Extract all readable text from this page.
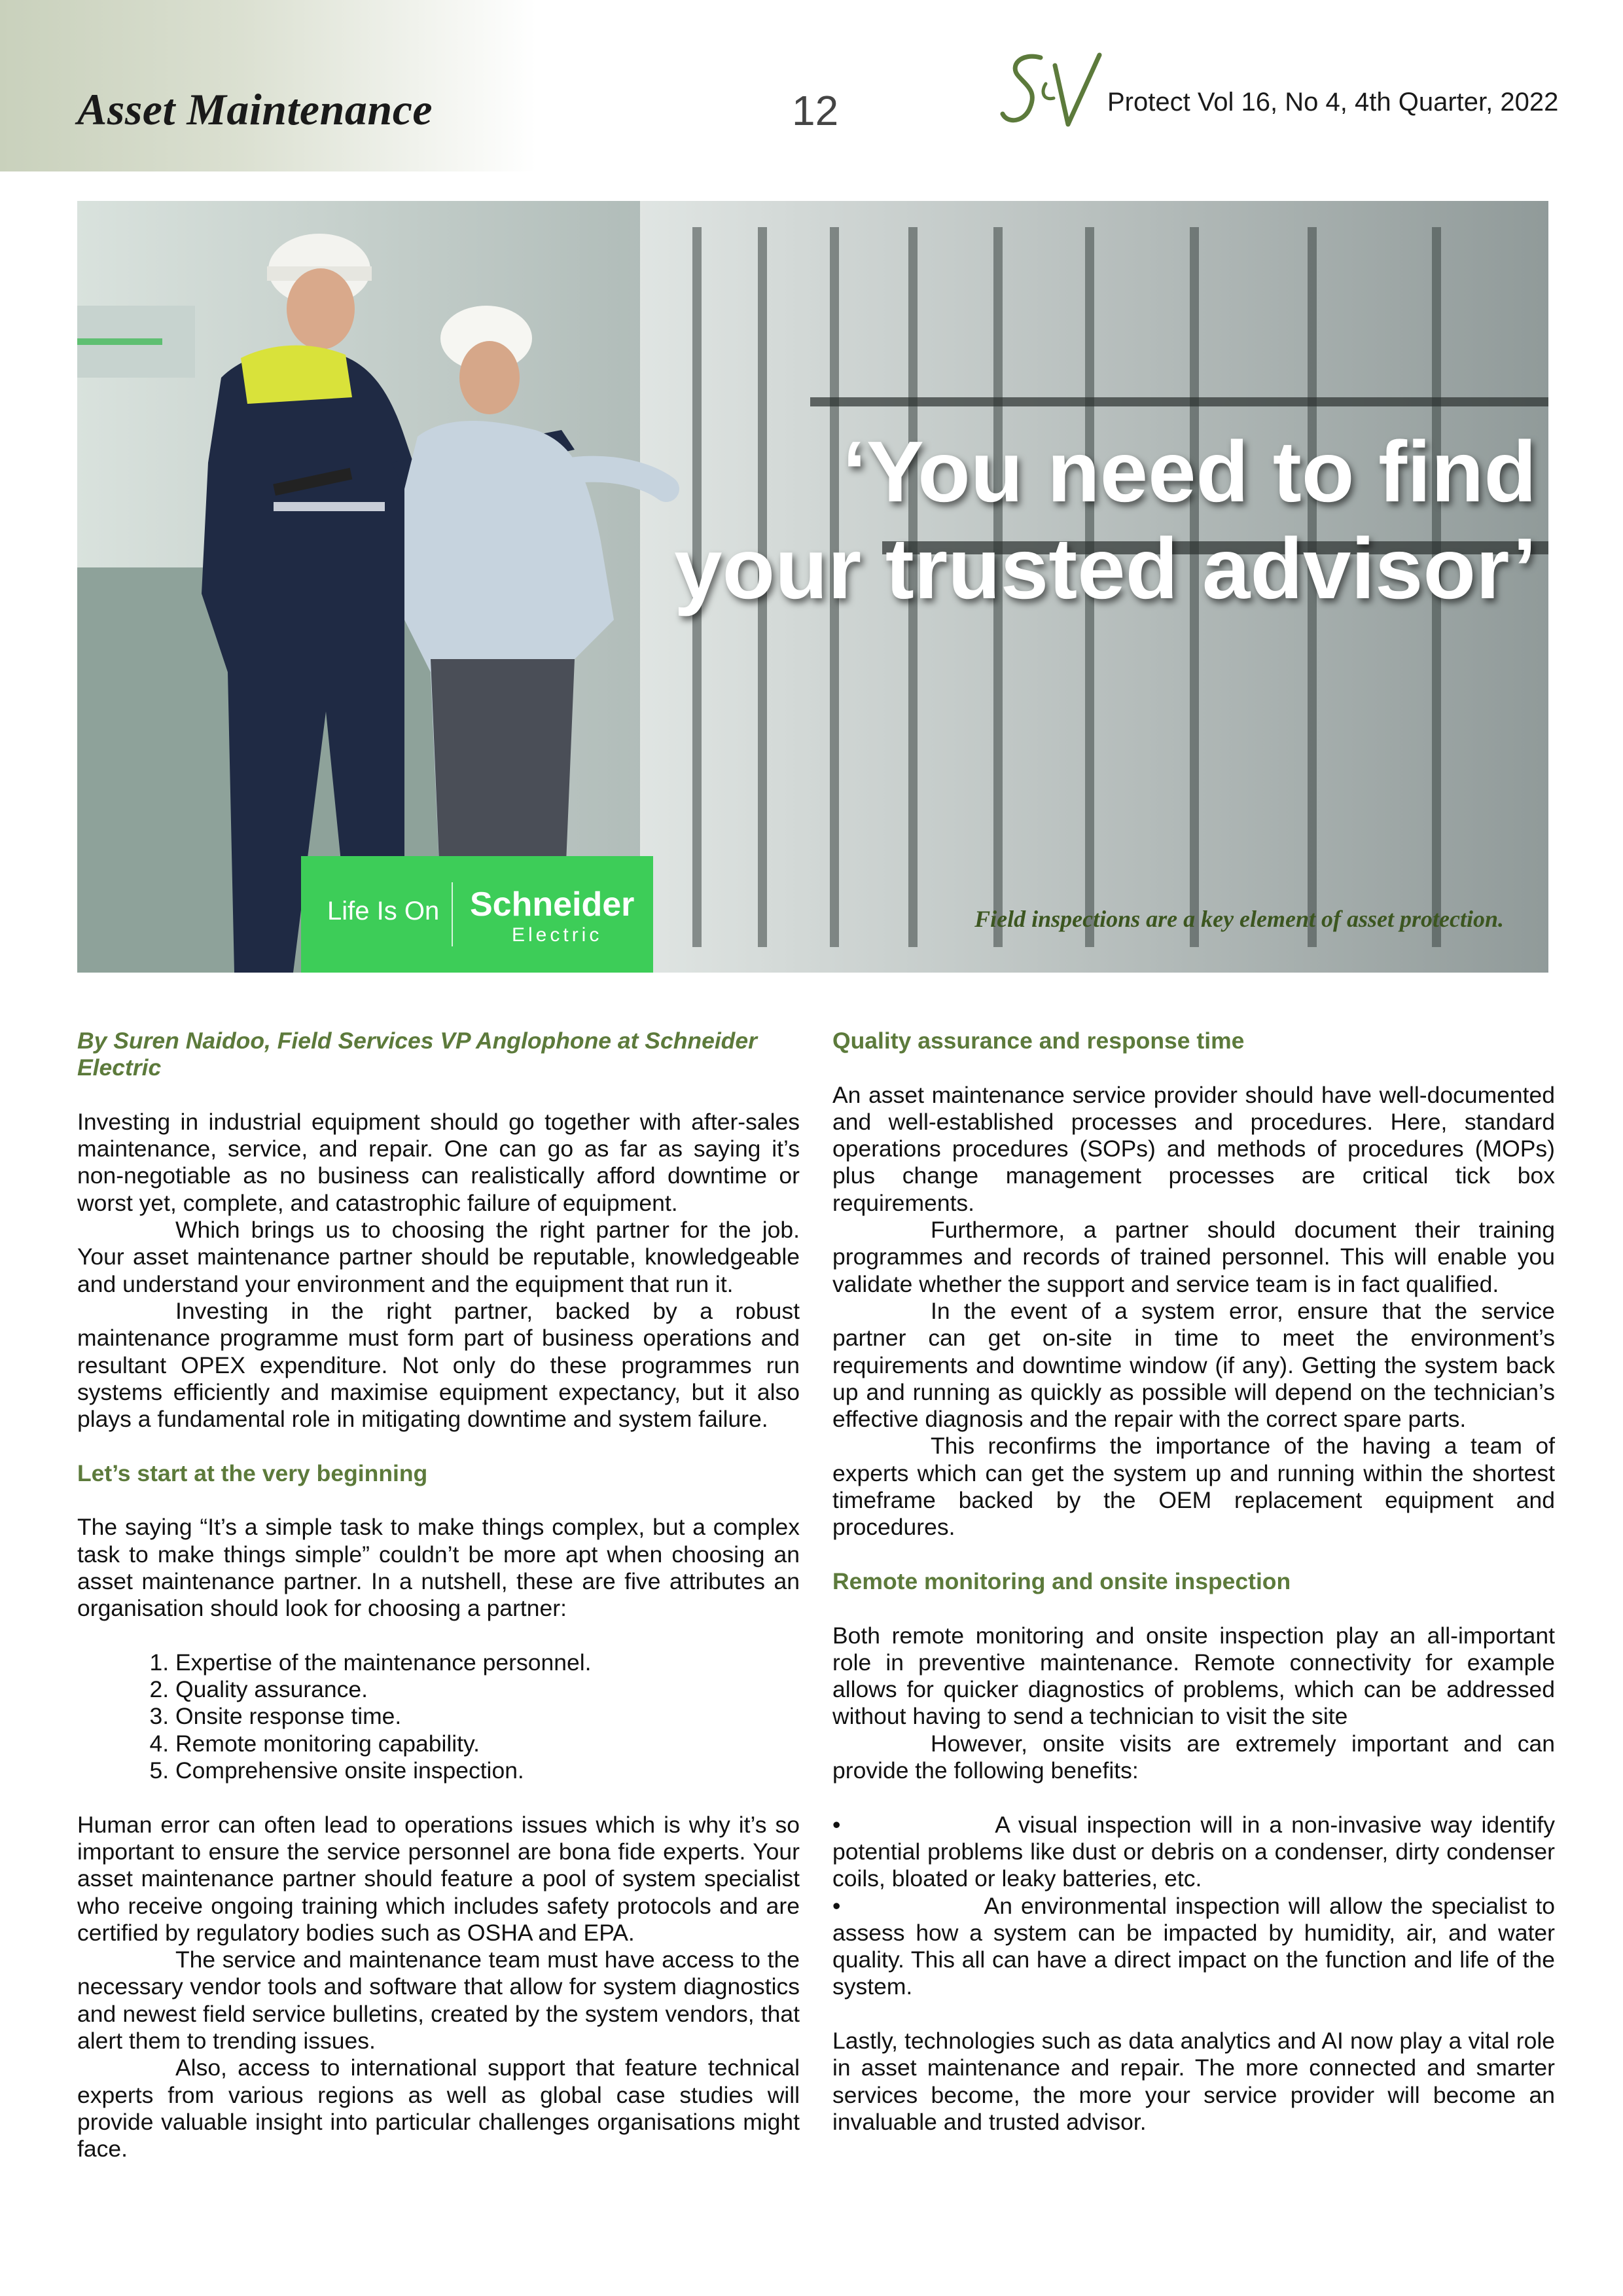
Asset Maintenance	12	Protect Vol 16, No 4, 4th Quarter, 2022
‘You need to find
your trusted advisor’
Life Is On Schneider
Electric
Field inspections are a key element of asset protection.

By Suren Naidoo, Field Services VP Anglophone at Schneider Electric

Investing in industrial equipment should go together with after-sales maintenance, service, and repair. One can go as far as saying it’s non-negotiable as no business can realistically afford downtime or worst yet, complete, and catastrophic failure of equipment.

Which brings us to choosing the right partner for the job. Your asset maintenance partner should be reputable, knowledgeable and understand your environment and the equipment that run it.

Investing in the right partner, backed by a robust maintenance programme must form part of business operations and resultant OPEX expenditure. Not only do these programmes run systems efficiently and maximise equipment expectancy, but it also plays a fundamental role in mitigating downtime and system failure.

Let’s start at the very beginning

The saying “It’s a simple task to make things complex, but a complex task to make things simple” couldn’t be more apt when choosing an asset maintenance partner. In a nutshell, these are five attributes an organisation should look for choosing a partner:

1. Expertise of the maintenance personnel.
2. Quality assurance.
3. Onsite response time.
4. Remote monitoring capability.
5. Comprehensive onsite inspection.

Human error can often lead to operations issues which is why it’s so important to ensure the service personnel are bona fide experts. Your asset maintenance partner should feature a pool of system specialist who receive ongoing training which includes safety protocols and are certified by regulatory bodies such as OSHA and EPA.

The service and maintenance team must have access to the necessary vendor tools and software that allow for system diagnostics and newest field service bulletins, created by the system vendors, that alert them to trending issues.

Also, access to international support that feature technical experts from various regions as well as global case studies will provide valuable insight into particular challenges organisations might face.

Quality assurance and response time

An asset maintenance service provider should have well-documented and well-established processes and procedures. Here, standard operations procedures (SOPs) and methods of procedures (MOPs) plus change management processes are critical tick box requirements.

Furthermore, a partner should document their training programmes and records of trained personnel. This will enable you validate whether the support and service team is in fact qualified.

In the event of a system error, ensure that the service partner can get on-site in time to meet the environment’s requirements and downtime window (if any). Getting the system back up and running as quickly as possible will depend on the technician’s effective diagnosis and the repair with the correct spare parts.

This reconfirms the importance of the having a team of experts which can get the system up and running within the shortest timeframe backed by the OEM replacement equipment and procedures.

Remote monitoring and onsite inspection

Both remote monitoring and onsite inspection play an all-important role in preventive maintenance. Remote connectivity for example allows for quicker diagnostics of problems, which can be addressed without having to send a technician to visit the site

However, onsite visits are extremely important and can provide the following benefits:

•                 A visual inspection will in a non-invasive way identify potential problems like dust or debris on a condenser, dirty condenser coils, bloated or leaky batteries, etc.

•                 An environmental inspection will allow the specialist to assess how a system can be impacted by humidity, air, and water quality. This all can have a direct impact on the function and life of the system.

Lastly, technologies such as data analytics and AI now play a vital role in asset maintenance and repair. The more connected and smarter services become, the more your service provider will become an invaluable and trusted advisor.
